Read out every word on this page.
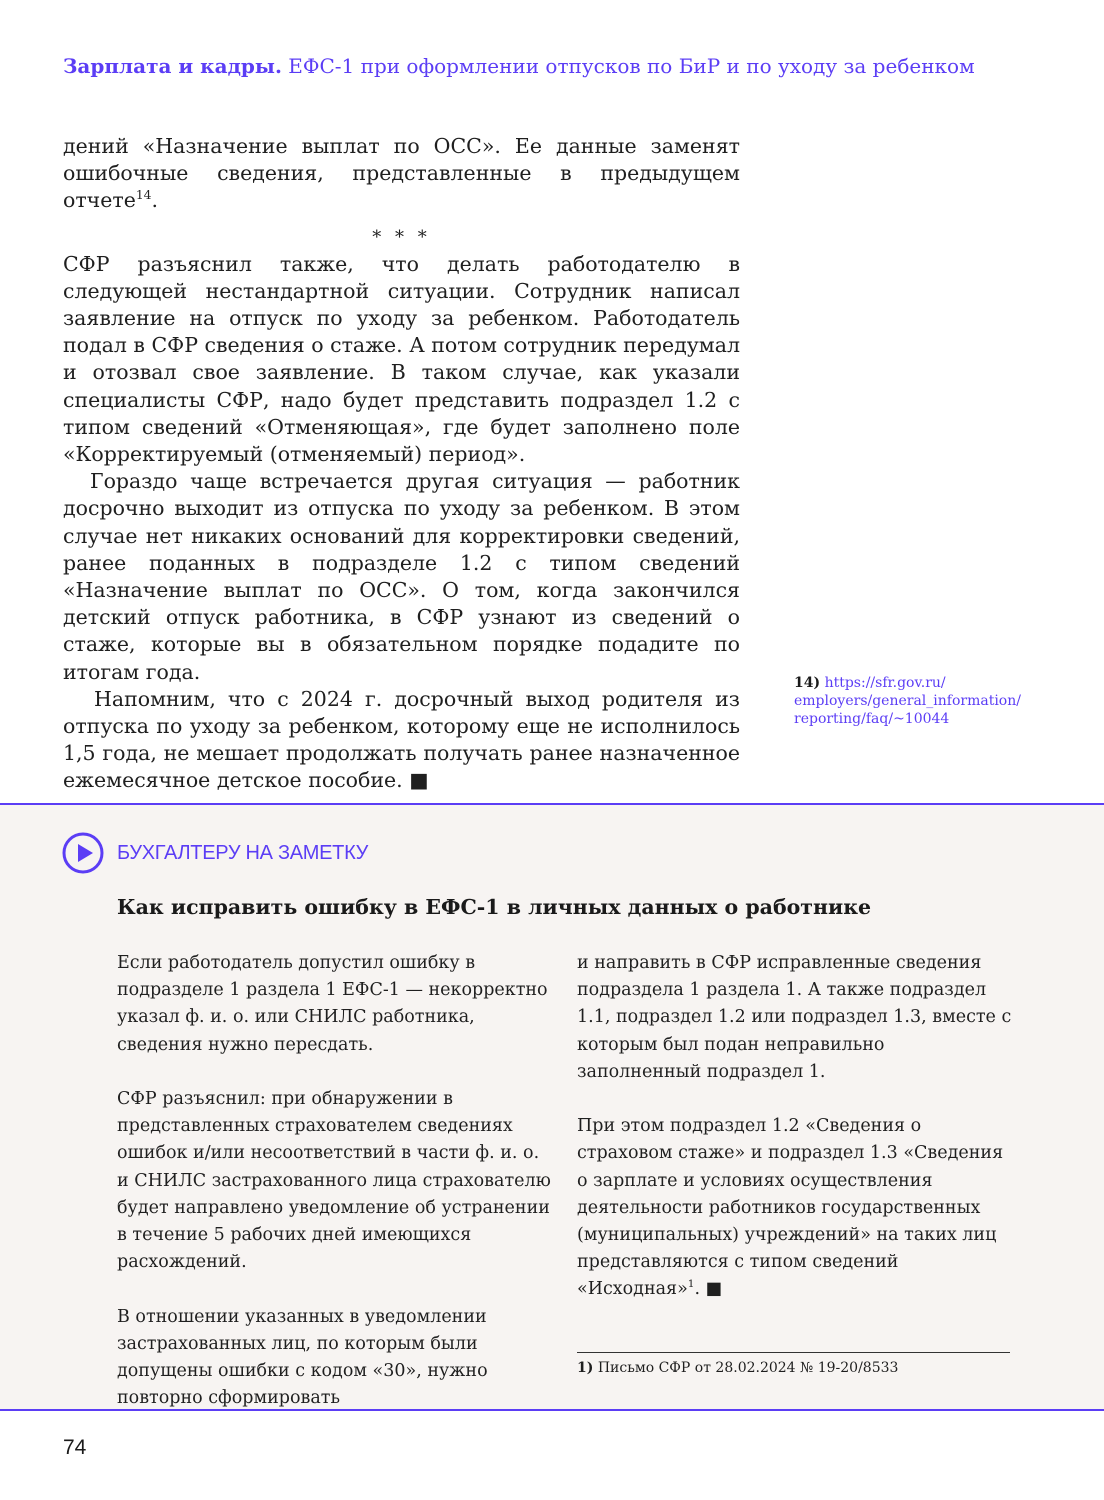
Зарплата и кадры. ЕФС-1 при оформлении отпусков по БиР и по уходу за ребенком

дений «Назначение выплат по ОСС». Ее данные заменят ошибочные сведения, представленные в предыдущем отчете$^{14}$.

* * *

СФР разъяснил также, что делать работодателю в следующей нестандартной ситуации. Сотрудник написал заявление на отпуск по уходу за ребенком. Работодатель подал в СФР сведения о стаже. А потом сотрудник передумал и отозвал свое заявление. В таком случае, как указали специалисты СФР, надо будет представить подраздел 1.2 с типом сведений «Отменяющая», где будет заполнено поле «Корректируемый (отменяемый) период».

Гораздо чаще встречается другая ситуация — работник досрочно выходит из отпуска по уходу за ребенком. В этом случае нет никаких оснований для корректировки сведений, ранее поданных в подразделе 1.2 с типом сведений «Назначение выплат по ОСС». О том, когда закончился детский отпуск работника, в СФР узнают из сведений о стаже, которые вы в обязательном порядке подадите по итогам года.

Напомним, что с 2024 г. досрочный выход родителя из отпуска по уходу за ребенком, которому еще не исполнилось 1,5 года, не мешает продолжать получать ранее назначенное ежемесячное детское пособие. ■

14) https://sfr.gov.ru/
employers/general_information/
reporting/faq/~10044
БУХГАЛТЕРУ НА ЗАМЕТКУ
Как исправить ошибку в ЕФС-1 в личных данных о работнике

Если работодатель допустил ошибку в подразделе 1 раздела 1 ЕФС-1 — некорректно указал ф. и. о. или СНИЛС работника, сведения нужно пересдать.

СФР разъяснил: при обнаружении в представленных страхователем сведениях ошибок и/или несоответствий в части ф. и. о. и СНИЛС застрахованного лица страхователю будет направлено уведомление об устранении в течение 5 рабочих дней имеющихся расхождений.

В отношении указанных в уведомлении застрахованных лиц, по которым были допущены ошибки с кодом «30», нужно повторно сформировать

и направить в СФР исправленные сведения подраздела 1 раздела 1. А также подраздел 1.1, подраздел 1.2 или подраздел 1.3, вместе с которым был подан неправильно заполненный подраздел 1.

При этом подраздел 1.2 «Сведения о страховом стаже» и подраздел 1.3 «Сведения о зарплате и условиях осуществления деятельности работников государственных (муниципальных) учреждений» на таких лиц представляются с типом сведений «Исходная»$^1$. ■

1) Письмо СФР от 28.02.2024 № 19-20/8533
74
